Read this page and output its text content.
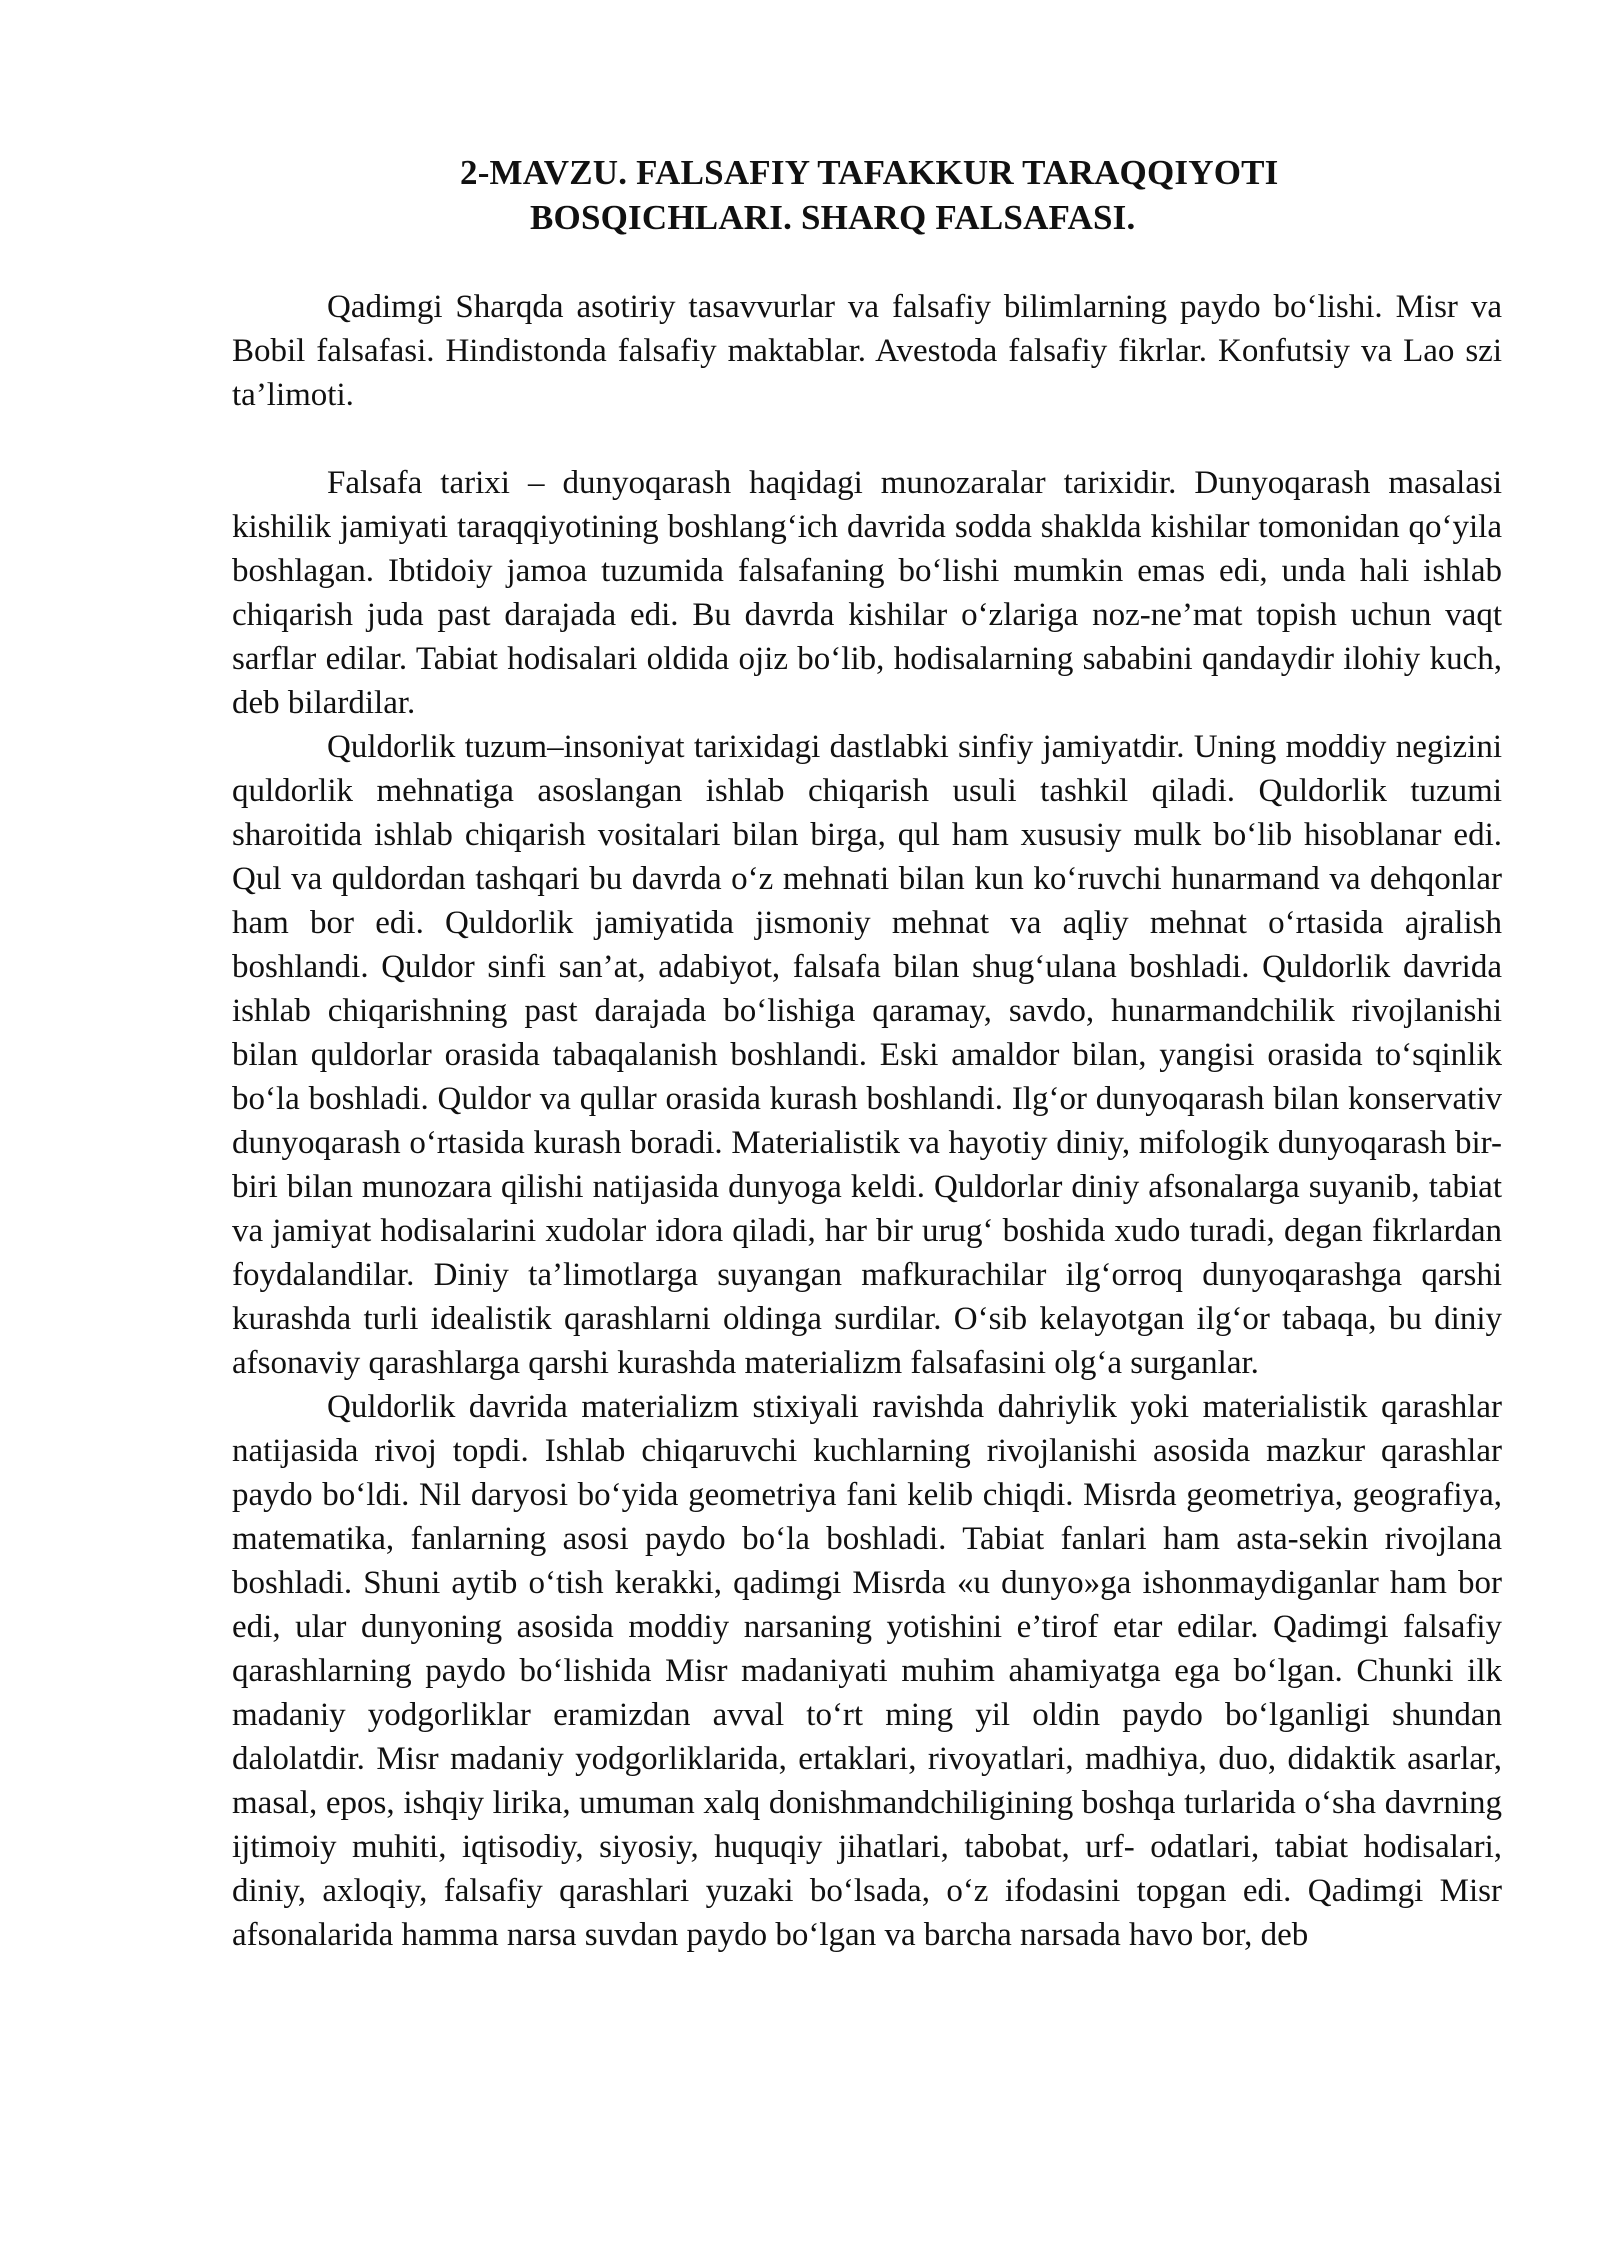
2-MAVZU. FALSAFIY TAFAKKUR TARAQQIYOTI
BOSQICHLARI. SHARQ FALSAFASI.

Qadimgi Sharqda asotiriy tasavvurlar va falsafiy bilimlarning paydo bo‘lishi. Misr va Bobil falsafasi. Hindistonda falsafiy maktablar. Avestoda falsafiy fikrlar. Konfutsiy va Lao szi ta’limoti.

Falsafa tarixi – dunyoqarash haqidagi munozaralar tarixidir. Dunyoqarash masalasi kishilik jamiyati taraqqiyotining boshlang‘ich davrida sodda shaklda kishilar tomonidan qo‘yila boshlagan. Ibtidoiy jamoa tuzumida falsafaning bo‘lishi mumkin emas edi, unda hali ishlab chiqarish juda past darajada edi. Bu davrda kishilar o‘zlariga noz-ne’mat topish uchun vaqt sarflar edilar. Tabiat hodisalari oldida ojiz bo‘lib, hodisalarning sababini qandaydir ilohiy kuch, deb bilardilar.

Quldorlik tuzum–insoniyat tarixidagi dastlabki sinfiy jamiyatdir. Uning moddiy negizini quldorlik mehnatiga asoslangan ishlab chiqarish usuli tashkil qiladi. Quldorlik tuzumi sharoitida ishlab chiqarish vositalari bilan birga, qul ham xususiy mulk bo‘lib hisoblanar edi. Qul va quldordan tashqari bu davrda o‘z mehnati bilan kun ko‘ruvchi hunarmand va dehqonlar ham bor edi. Quldorlik jamiyatida jismoniy mehnat va aqliy mehnat o‘rtasida ajralish boshlandi. Quldor sinfi san’at, adabiyot, falsafa bilan shug‘ulana boshladi. Quldorlik davrida ishlab chiqarishning past darajada bo‘lishiga qaramay, savdo, hunarmandchilik rivojlanishi bilan quldorlar orasida tabaqalanish boshlandi. Eski amaldor bilan, yangisi orasida to‘sqinlik bo‘la boshladi. Quldor va qullar orasida kurash boshlandi. Ilg‘or dunyoqarash bilan konservativ dunyoqarash o‘rtasida kurash boradi. Materialistik va hayotiy diniy, mifologik dunyoqarash bir-biri bilan munozara qilishi natijasida dunyoga keldi. Quldorlar diniy afsonalarga suyanib, tabiat va jamiyat hodisalarini xudolar idora qiladi, har bir urug‘ boshida xudo turadi, degan fikrlardan foydalandilar. Diniy ta’limotlarga suyangan mafkurachilar ilg‘orroq dunyoqarashga qarshi kurashda turli idealistik qarashlarni oldinga surdilar. O‘sib kelayotgan ilg‘or tabaqa, bu diniy afsonaviy qarashlarga qarshi kurashda materializm falsafasini olg‘a surganlar.

Quldorlik davrida materializm stixiyali ravishda dahriylik yoki materialistik qarashlar natijasida rivoj topdi. Ishlab chiqaruvchi kuchlarning rivojlanishi asosida mazkur qarashlar paydo bo‘ldi. Nil daryosi bo‘yida geometriya fani kelib chiqdi. Misrda geometriya, geografiya, matematika, fanlarning asosi paydo bo‘la boshladi. Tabiat fanlari ham asta-sekin rivojlana boshladi. Shuni aytib o‘tish kerakki, qadimgi Misrda «u dunyo»ga ishonmaydiganlar ham bor edi, ular dunyoning asosida moddiy narsaning yotishini e’tirof etar edilar. Qadimgi falsafiy qarashlarning paydo bo‘lishida Misr madaniyati muhim ahamiyatga ega bo‘lgan. Chunki ilk madaniy yodgorliklar eramizdan avval to‘rt ming yil oldin paydo bo‘lganligi shundan dalolatdir. Misr madaniy yodgorliklarida, ertaklari, rivoyatlari, madhiya, duo, didaktik asarlar, masal, epos, ishqiy lirika, umuman xalq donishmandchiligining boshqa turlarida o‘sha davrning ijtimoiy muhiti, iqtisodiy, siyosiy, huquqiy jihatlari, tabobat, urf- odatlari, tabiat hodisalari, diniy, axloqiy, falsafiy qarashlari yuzaki bo‘lsada, o‘z ifodasini topgan edi. Qadimgi Misr afsonalarida hamma narsa suvdan paydo bo‘lgan va barcha narsada havo bor, deb
